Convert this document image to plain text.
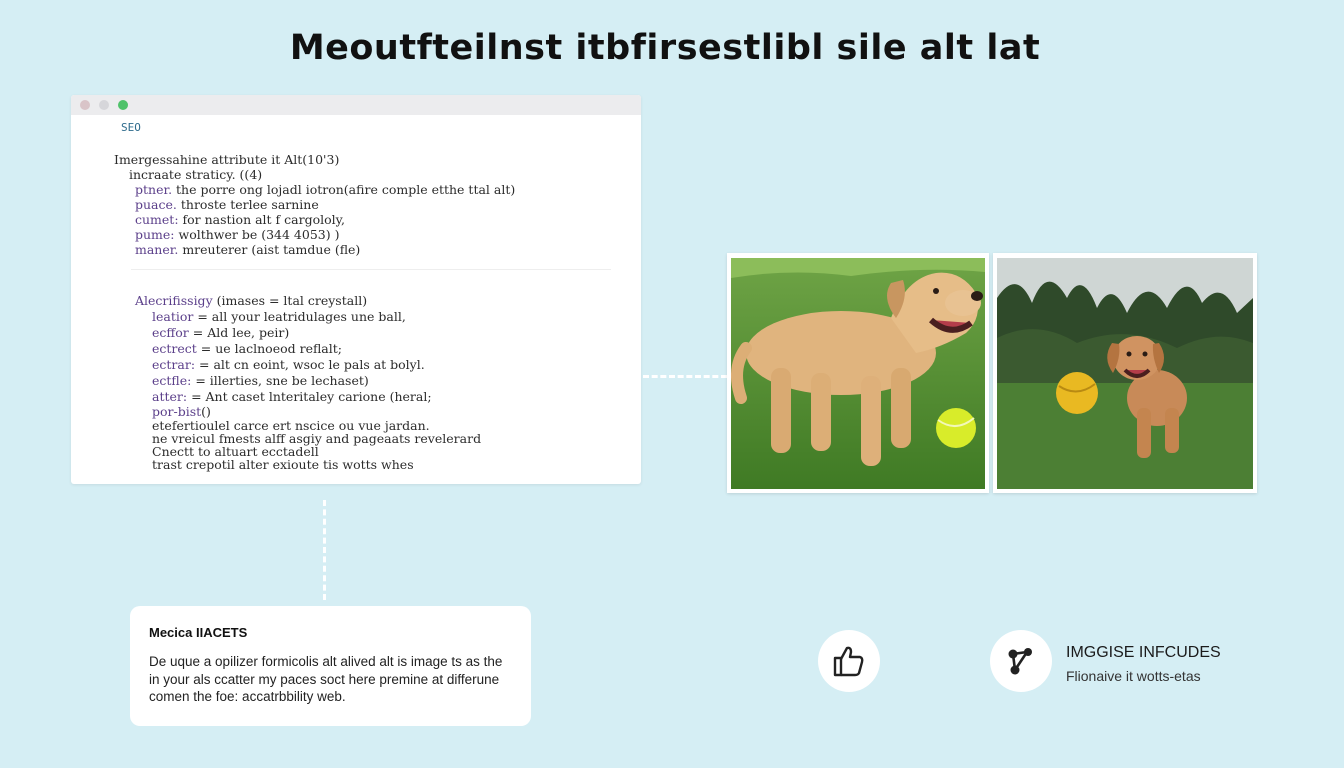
Meoutfteilnst itbfirsestlibl sile alt lat
SEO
Imergessahine attribute it Alt(10'3)
incraate straticy. ((4)
ptner. the porre ong lojadl iotron(afire comple etthe ttal alt)
puace. throste terlee sarnine
cumet: for nastion alt f cargololy,
pume: wolthwer be (344 4053) )
maner. mreuterer (aist tamdue (fle)
Alecrifissigy (imases = ltal creystall)
leatior = all your leatridulages une ball,
ecffor = Ald lee, peir)
ectrect = ue laclnoeod reflalt;
ectrar: = alt cn eoint, wsoc le pals at bolyl.
ectfle: = illerties, sne be lechaset)
atter: = Ant caset lnteritaley carione (heral;
por-bist()
etefertioulel carce ert nscice ou vue jardan.
ne vreicul fmests alff asgiy and pageaats revelerard
Cnectt to altuart ecctadell
trast crepotil alter exioute tis wotts whes
Mecica IIACETS
De uque a opilizer formicolis alt alived alt is image ts as the
in your als ccatter my paces soct here premine at differune
comen the foe: accatrbbility web.
IMGGISE INFCUDES
Flionaive it wotts-etas
